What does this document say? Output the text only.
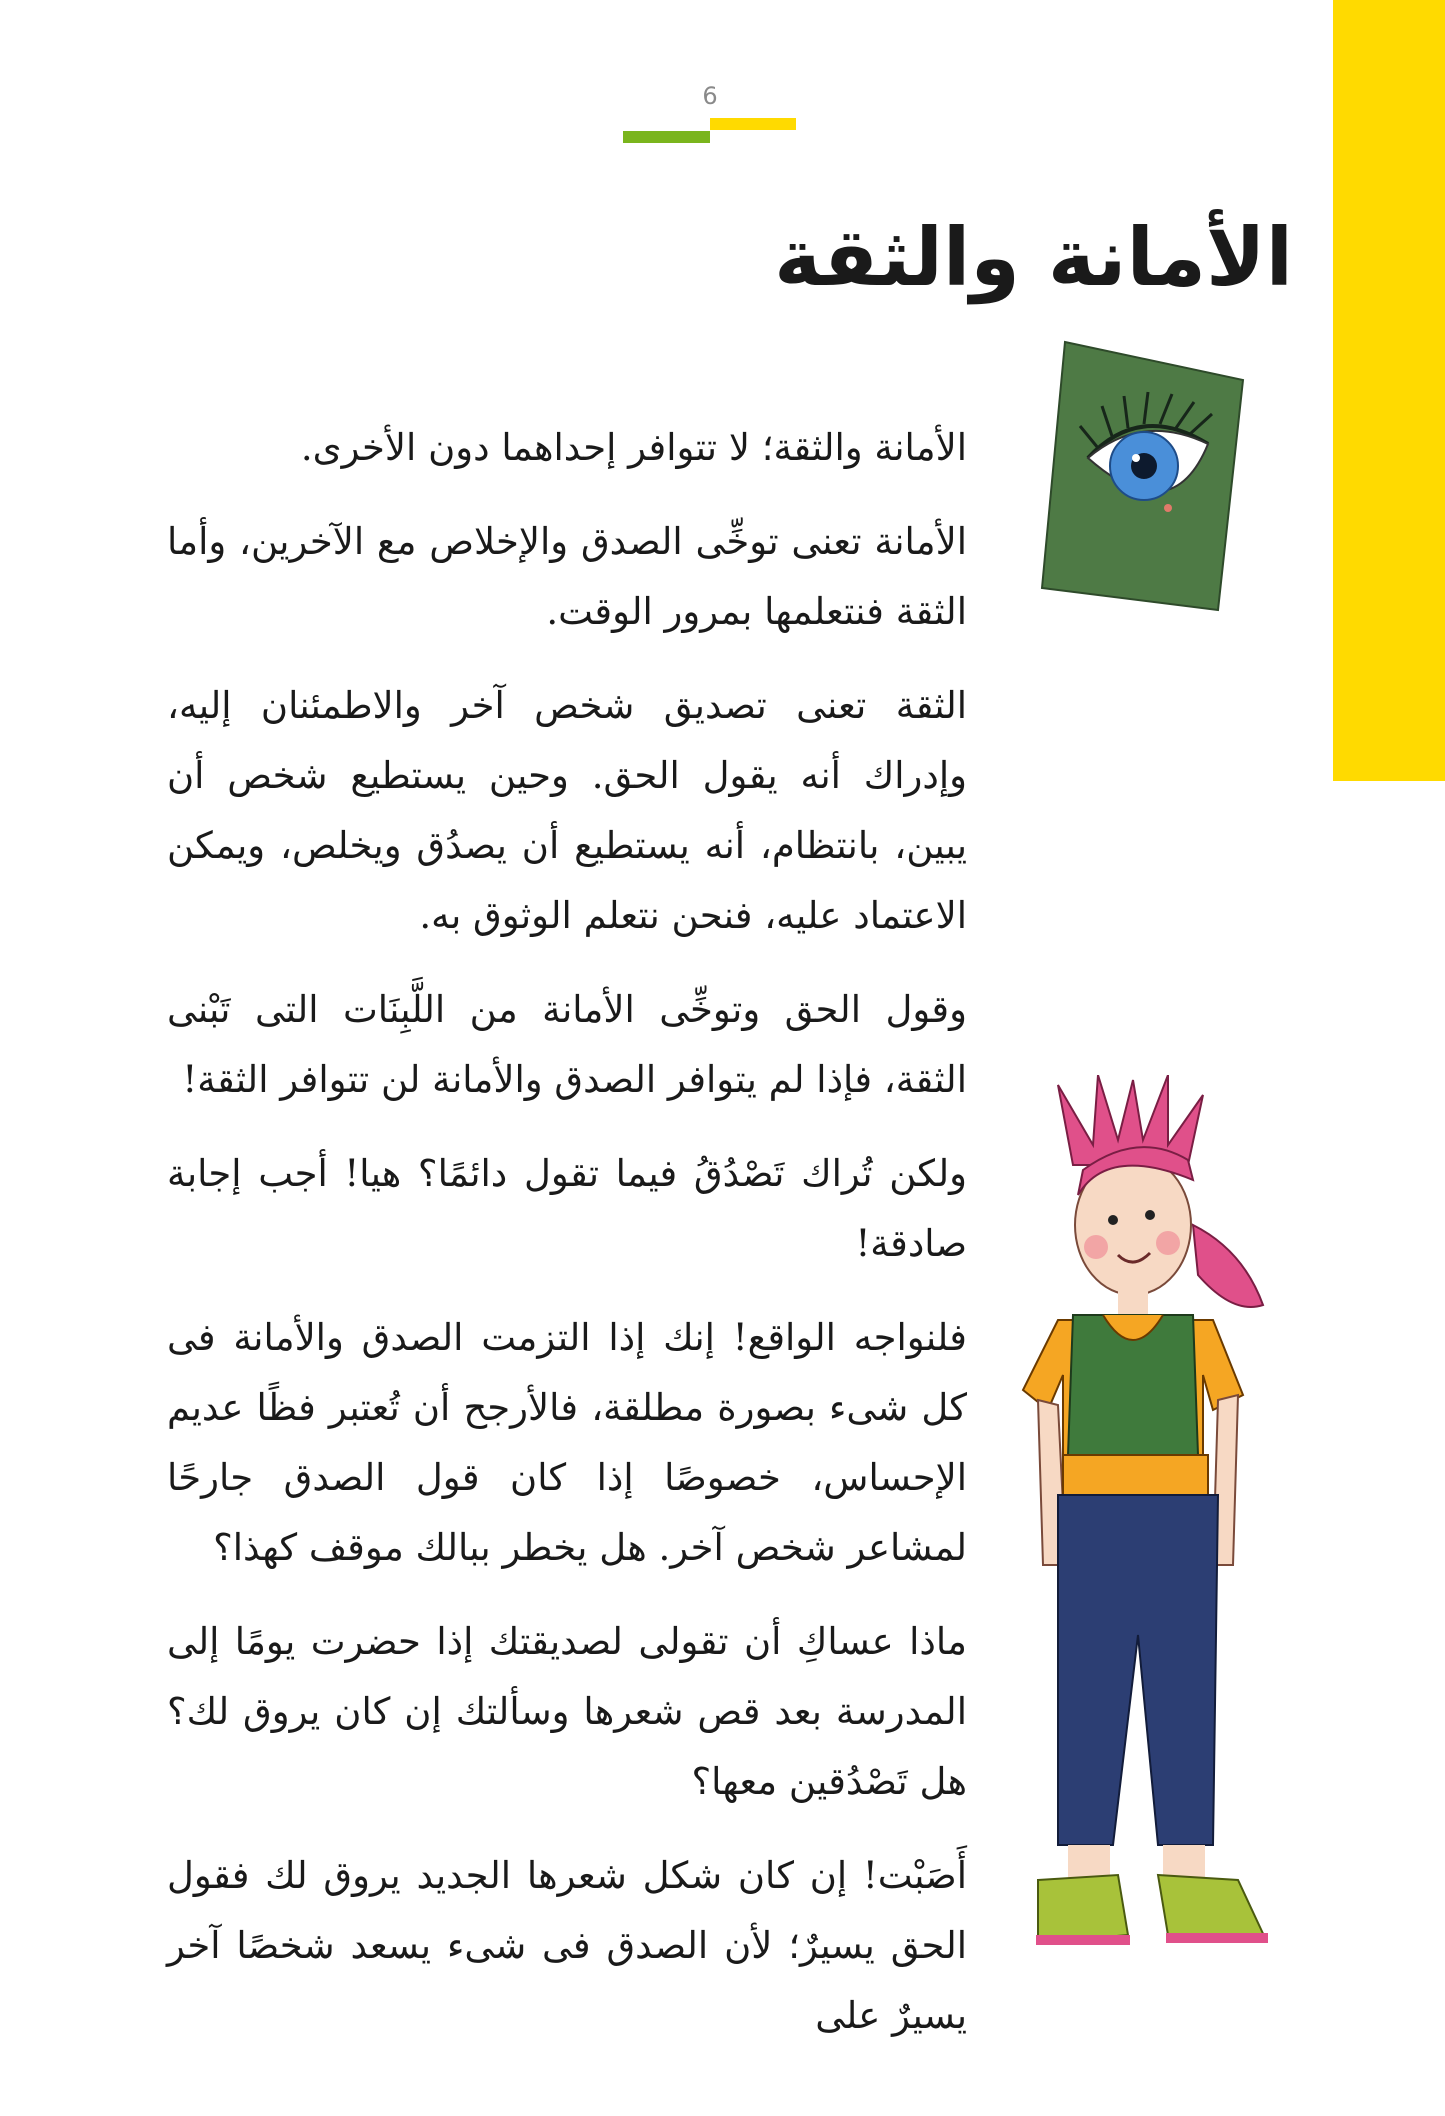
6
الأمانة والثقة

الأمانة والثقة؛ لا تتوافر إحداهما دون الأخرى.

الأمانة تعنى توخِّى الصدق والإخلاص مع الآخرين، وأما الثقة فنتعلمها بمرور الوقت.

الثقة تعنى تصديق شخص آخر والاطمئنان إليه، وإدراك أنه يقول الحق. وحين يستطيع شخص أن يبين، بانتظام، أنه يستطيع أن يصدُق ويخلص، ويمكن الاعتماد عليه، فنحن نتعلم الوثوق به.

وقول الحق وتوخِّى الأمانة من اللَّبِنَات التى تَبْنى الثقة، فإذا لم يتوافر الصدق والأمانة لن تتوافر الثقة!

ولكن تُراك تَصْدُقُ فيما تقول دائمًا؟ هيا! أجب إجابة صادقة!

فلنواجه الواقع! إنك إذا التزمت الصدق والأمانة فى كل شىء بصورة مطلقة، فالأرجح أن تُعتبر فظًا عديم الإحساس، خصوصًا إذا كان قول الصدق جارحًا لمشاعر شخص آخر. هل يخطر ببالك موقف كهذا؟

ماذا عساكِ أن تقولى لصديقتك إذا حضرت يومًا إلى المدرسة بعد قص شعرها وسألتك إن كان يروق لك؟ هل تَصْدُقين معها؟

أَصَبْت! إن كان شكل شعرها الجديد يروق لك فقول الحق يسيرٌ؛ لأن الصدق فى شىء يسعد شخصًا آخر يسيرٌ على
